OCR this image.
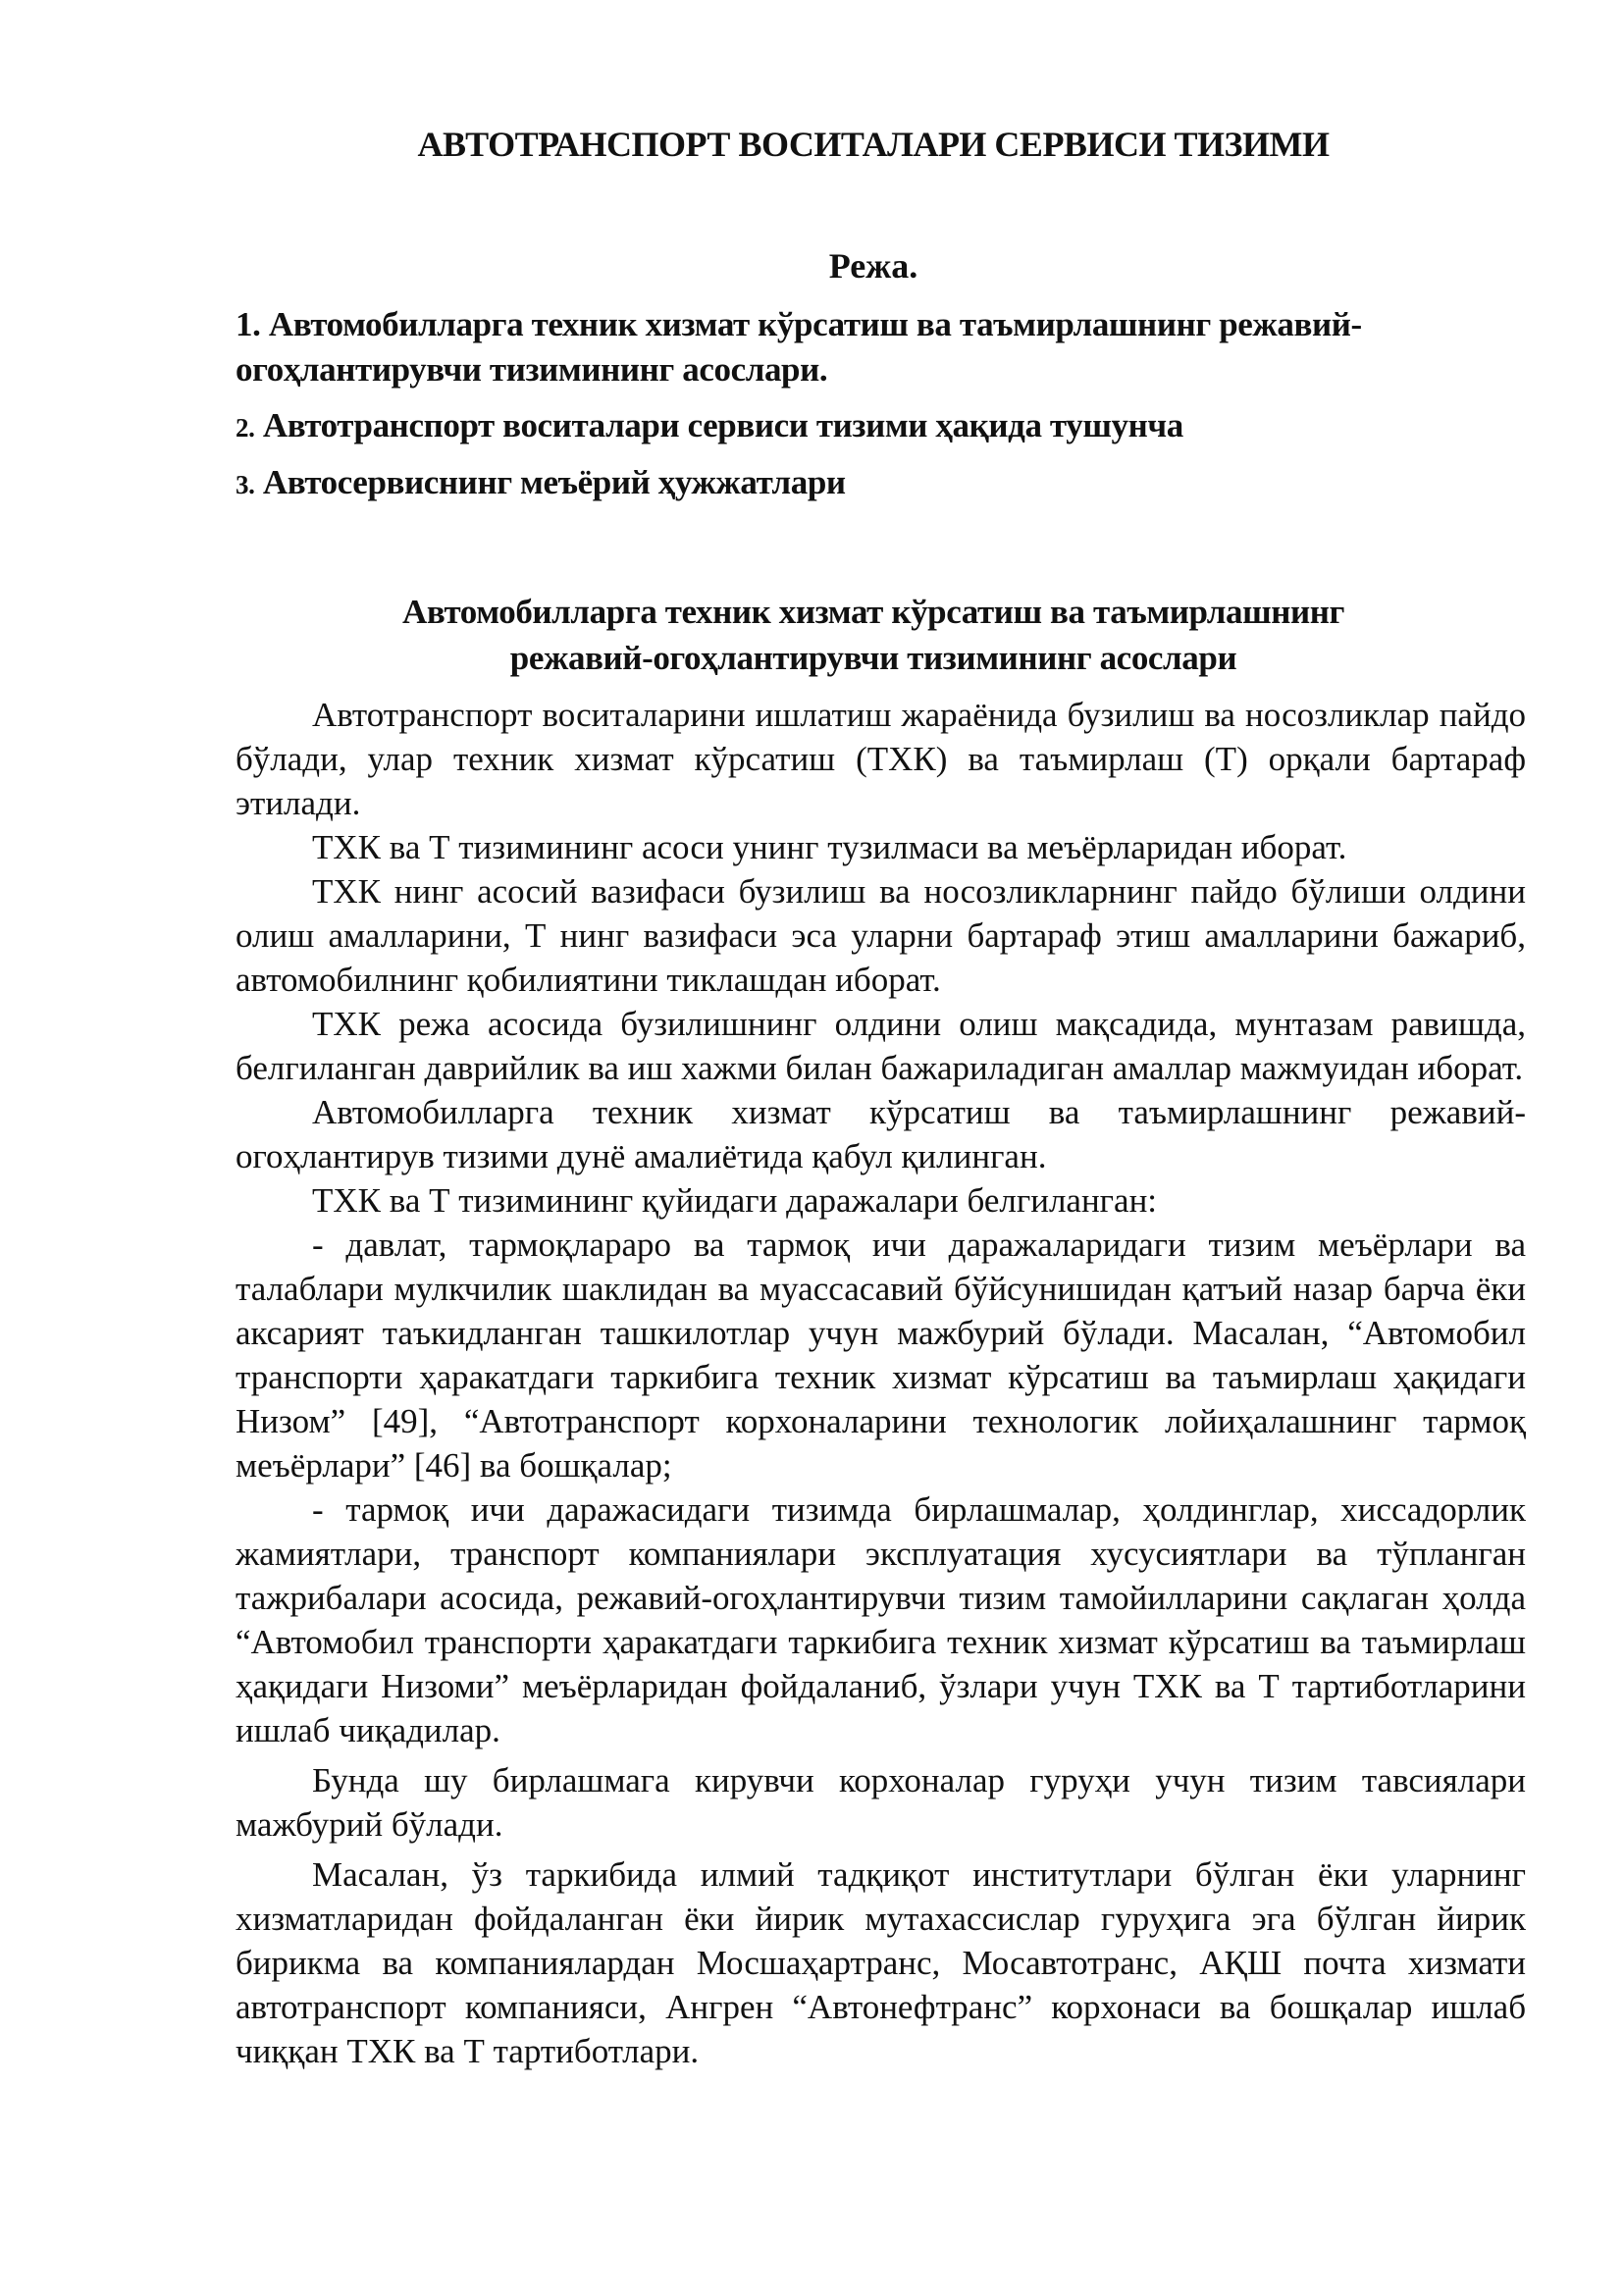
АВТОТРАНСПОРТ ВОСИТАЛАРИ СЕРВИСИ ТИЗИМИ
Режа.
1. Автомобилларга техник хизмат кўрсатиш ва таъмирлашнинг режавий-огоҳлантирувчи тизимининг асослари.
2. Автотранспорт воситалари сервиси тизими ҳақида тушунча
3. Автосервиснинг меъёрий ҳужжатлари
Автомобилларга техник хизмат кўрсатиш ва таъмирлашнинг
режавий-огоҳлантирувчи тизимининг асослари

Автотранспорт воситаларини ишлатиш жараёнида бузилиш ва носозликлар пайдо бўлади, улар техник хизмат кўрсатиш (ТХК) ва таъмирлаш (Т) орқали бартараф этилади.

ТХК ва Т тизимининг асоси унинг тузилмаси ва меъёрларидан иборат.

ТХК нинг асосий вазифаси бузилиш ва носозликларнинг пайдо бўлиши олдини олиш амалларини, Т нинг вазифаси эса уларни бартараф этиш амалларини бажариб, автомобилнинг қобилиятини тиклашдан иборат.

ТХК режа асосида бузилишнинг олдини олиш мақсадида, мунтазам равишда, белгиланган даврийлик ва иш хажми билан бажариладиган амаллар мажмуидан иборат.

Автомобилларга техник хизмат кўрсатиш ва таъмирлашнинг режавий-огоҳлантирув тизими дунё амалиётида қабул қилинган.

ТХК ва Т тизимининг қуйидаги даражалари белгиланган:

- давлат, тармоқлараро ва тармоқ ичи даражаларидаги тизим меъёрлари ва талаблари мулкчилик шаклидан ва муассасавий бўйсунишидан қатъий назар барча ёки аксарият таъкидланган ташкилотлар учун мажбурий бўлади. Масалан, “Автомобил транспорти ҳаракатдаги таркибига техник хизмат кўрсатиш ва таъмирлаш ҳақидаги Низом” [49], “Автотранспорт корхоналарини технологик лойиҳалашнинг тармоқ меъёрлари” [46] ва бошқалар;

- тармоқ ичи даражасидаги тизимда бирлашмалар, ҳолдинглар, хиссадорлик жамиятлари, транспорт компаниялари эксплуатация хусусиятлари ва тўпланган тажрибалари асосида, режавий-огоҳлантирувчи тизим тамойилларини сақлаган ҳолда “Автомобил транспорти ҳаракатдаги таркибига техник хизмат кўрсатиш ва таъмирлаш ҳақидаги Низоми” меъёрларидан фойдаланиб, ўзлари учун ТХК ва Т тартиботларини ишлаб чиқадилар.

Бунда шу бирлашмага кирувчи корхоналар гуруҳи учун тизим тавсиялари мажбурий бўлади.

Масалан, ўз таркибида илмий тадқиқот институтлари бўлган ёки уларнинг хизматларидан фойдаланган ёки йирик мутахассислар гуруҳига эга бўлган йирик бирикма ва компаниялардан Мосшаҳартранс, Мосавтотранс, АҚШ почта хизмати автотранспорт компанияси, Ангрен “Автонефтранс” корхонаси ва бошқалар ишлаб чиққан ТХК ва Т тартиботлари.
